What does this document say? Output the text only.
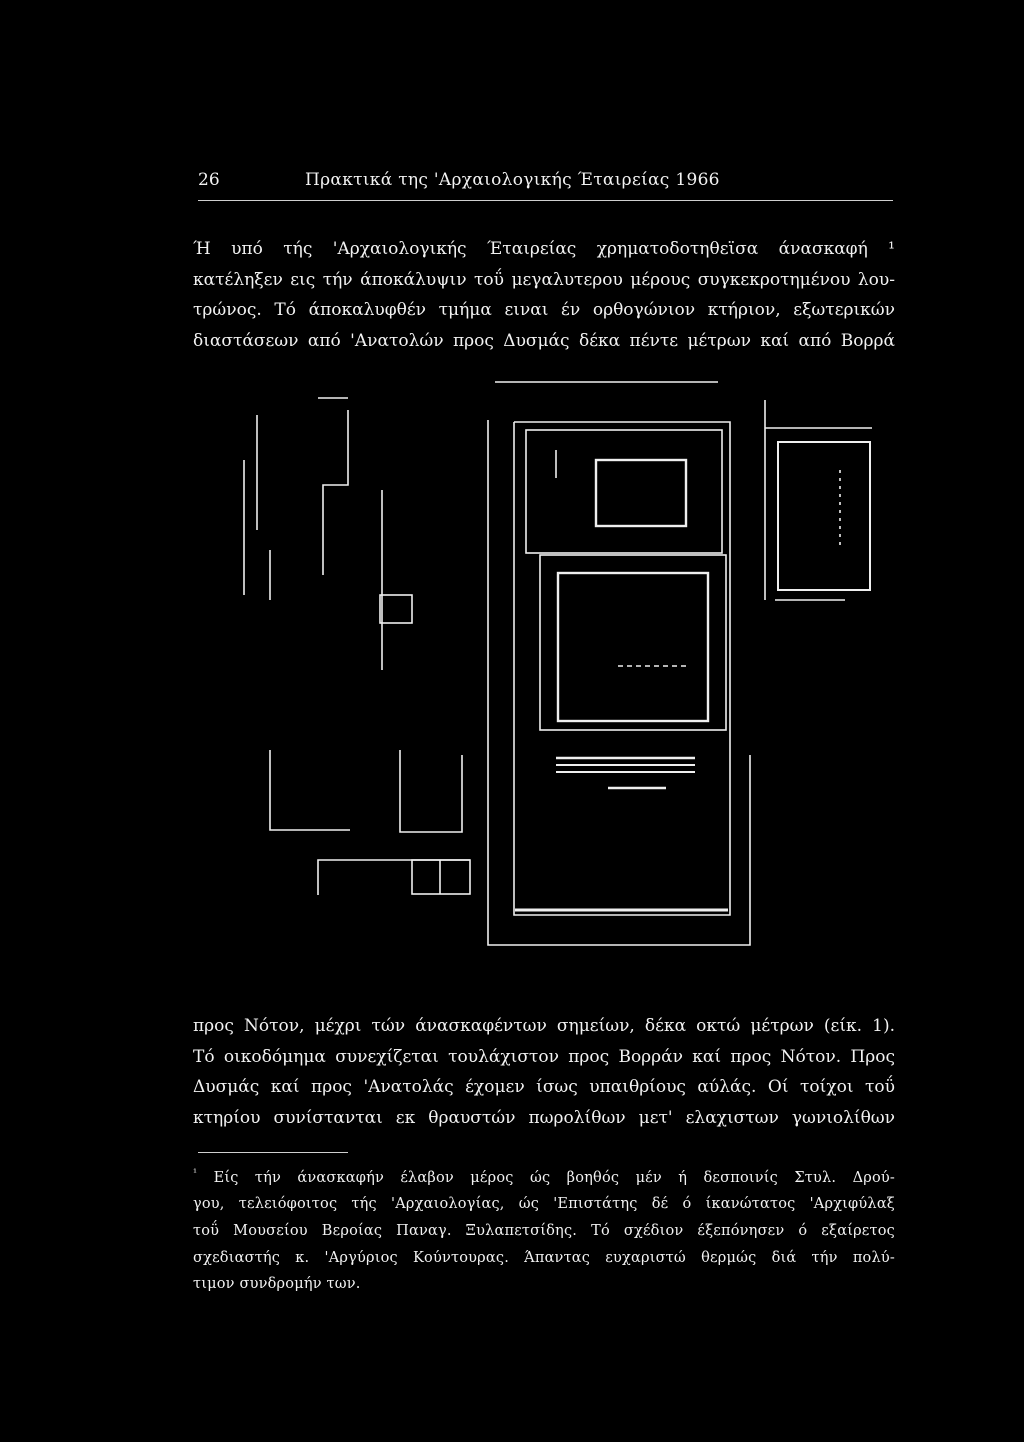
26	Πρακτικά της 'Αρχαιολογικής Έταιρείας 1966
Ή υπό τής 'Αρχαιολογικής Έταιρείας χρηματοδοτηθεϊσα άνασκαφή ¹
κατέληξεν εις τήν άποκάλυψιν τοΰ μεγαλυτερου μέρους συγκεκροτημένου λου-
τρώνος. Τό άποκαλυφθέν τμήμα ειναι έν ορθογώνιον κτήριον, εξωτερικών
διαστάσεων από 'Ανατολών προς Δυσμάς δέκα πέντε μέτρων καί από Βορρά
προς Νότον, μέχρι τών άνασκαφέντων σημείων, δέκα οκτώ μέτρων (είκ. 1).
Τό οικοδόμημα συνεχίζεται τουλάχιστον προς Βορράν καί προς Νότον. Προς
Δυσμάς καί προς 'Ανατολάς έχομεν ίσως υπαιθρίους αύλάς. Οί τοίχοι τοΰ
κτηρίου συνίστανται εκ θραυστών πωρολίθων μετ' ελαχιστων γωνιολίθων
$^{^1}$ Είς τήν άνασκαφήν έλαβον μέρος ώς βοηθός μέν ή δεσποινίς Στυλ. Δρού-
γου, τελειόφοιτος τής 'Αρχαιολογίας, ώς 'Επιστάτης δέ ό ίκανώτατος 'Αρχιφύλαξ
τοΰ Μουσείου Βεροίας Παναγ. Ξυλαπετσίδης. Τό σχέδιον έξεπόνησεν ό εξαίρετος
σχεδιαστής κ. 'Αργύριος Κούντουρας. Άπαντας ευχαριστώ θερμώς διά τήν πολύ-
τιμον συνδρομήν των.
